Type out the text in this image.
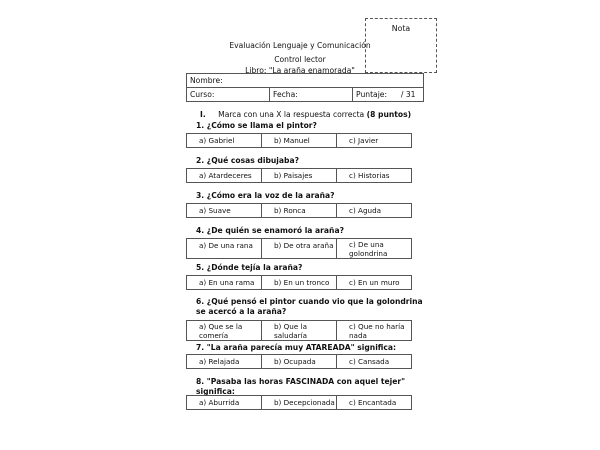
Nota
Evaluación Lenguaje y Comunicación
Control lector
Libro: "La araña enamorada"
Nombre:
Curso:	Fecha:	Puntaje: / 31
I. Marca con una X la respuesta correcta (8 puntos)
1. ¿Cómo se llama el pintor?
a) Gabriel	b) Manuel	c) Javier
2. ¿Qué cosas dibujaba?
a) Atardeceres	b) Paisajes	c) Historias
3. ¿Cómo era la voz de la araña?
a) Suave	b) Ronca	c) Aguda
4. ¿De quién se enamoró la araña?
a) De una rana	b) De otra araña	c) De una golondrina
5. ¿Dónde tejía la araña?
a) En una rama	b) En un tronco	c) En un muro
6. ¿Qué pensó el pintor cuando vio que la golondrina se acercó a la araña?
a) Que se la comería	b) Que la saludaría	c) Que no haría nada
7. "La araña parecía muy ATAREADA" significa:
a) Relajada	b) Ocupada	c) Cansada
8. "Pasaba las horas FASCINADA con aquel tejer" significa:
a) Aburrida	b) Decepcionada	c) Encantada
